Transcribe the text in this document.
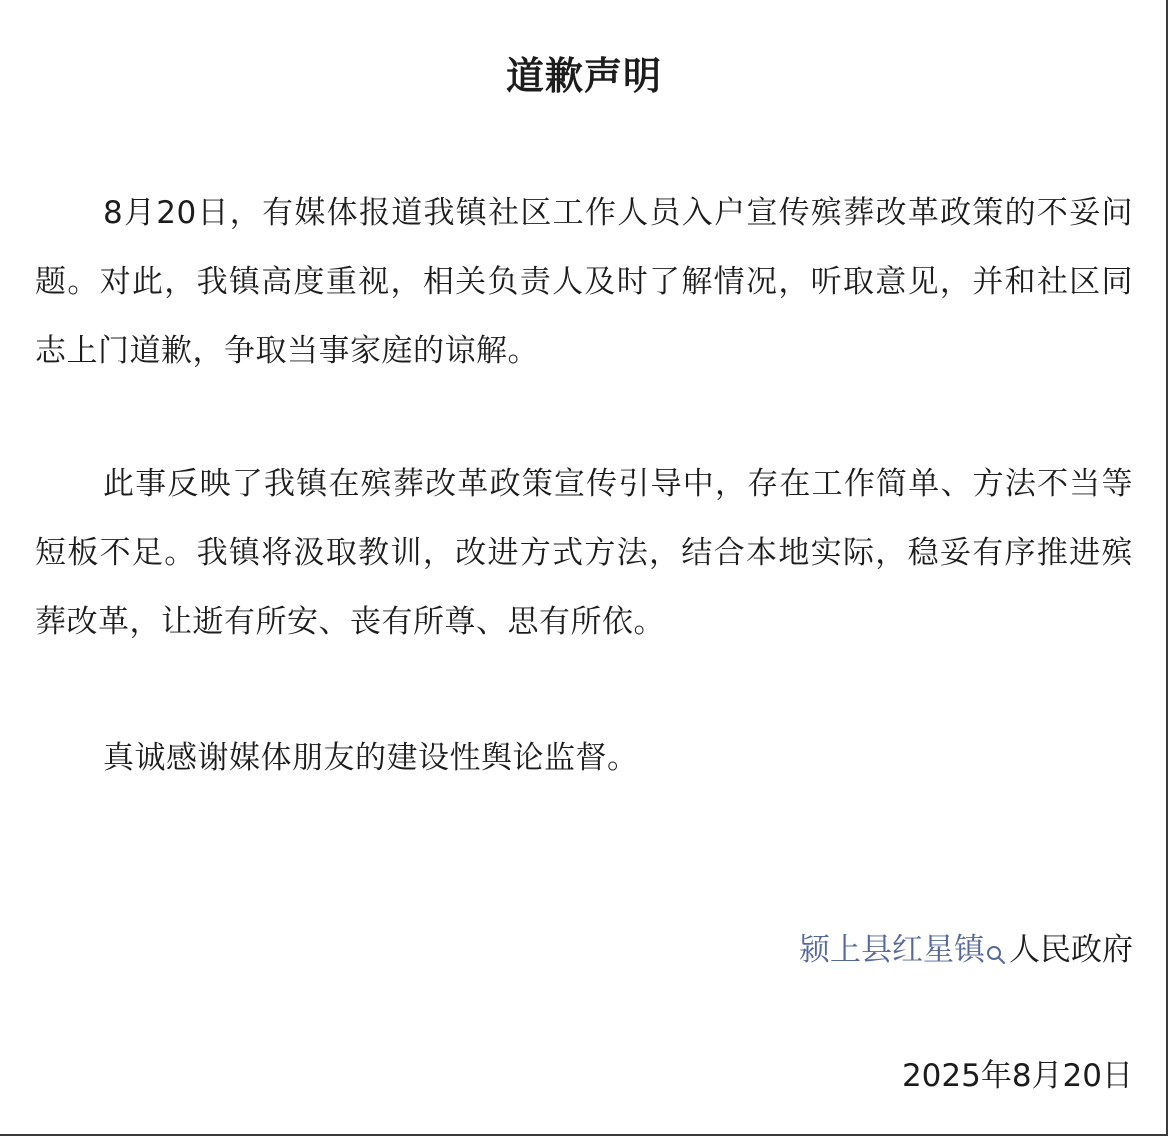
道歉声明

8月20日，有媒体报道我镇社区工作人员入户宣传殡葬改革政策的不妥问题。对此，我镇高度重视，相关负责人及时了解情况，听取意见，并和社区同志上门道歉，争取当事家庭的谅解。

此事反映了我镇在殡葬改革政策宣传引导中，存在工作简单、方法不当等短板不足。我镇将汲取教训，改进方式方法，结合本地实际，稳妥有序推进殡葬改革，让逝有所安、丧有所尊、思有所依。

真诚感谢媒体朋友的建设性舆论监督。

颍上县红星镇 人民政府
2025年8月20日
